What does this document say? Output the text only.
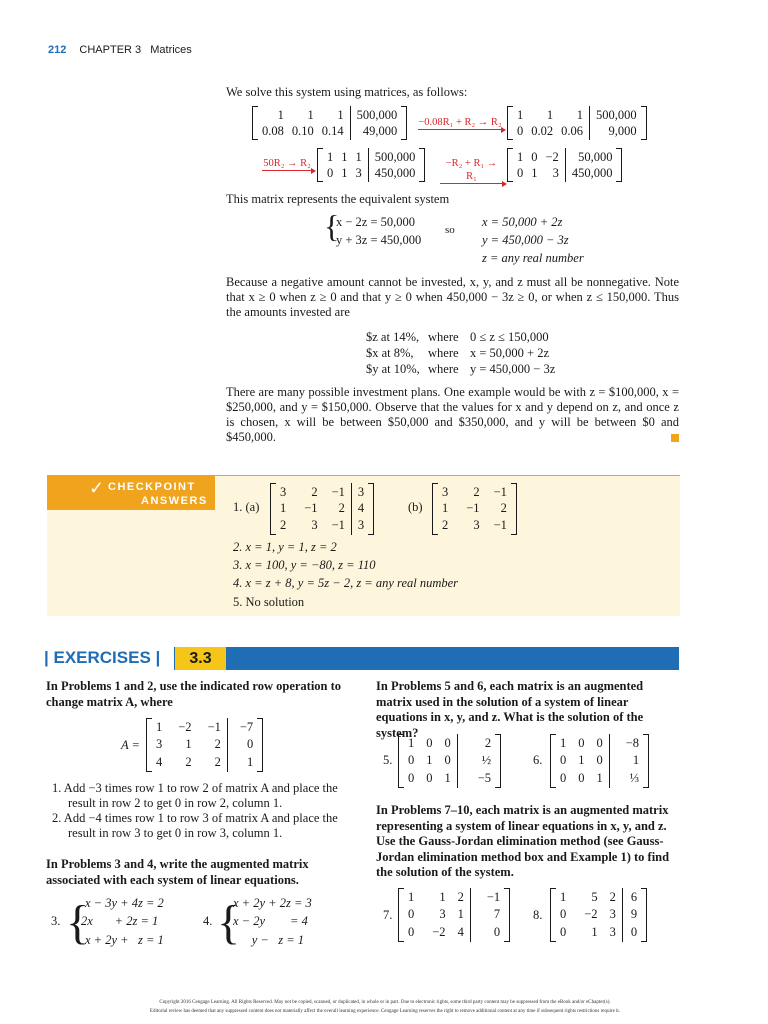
212 CHAPTER 3 Matrices
We solve this system using matrices, as follows:
1
0.08
1
0.10
1
0.14
500,000
49,000
−0.08R₁ + R₂ → R₂
1
0
1
0.02
1
0.06
500,000
9,000
50R₂ → R₂ 1
0
1
1
1
3
500,000
450,000
−R₂ + R₁ → R₁
1
0
0
1
−2
3
50,000
450,000
This matrix represents the equivalent system
{
x − 2z = 50,000
y + 3z = 450,000
so
x = 50,000 + 2z
y = 450,000 − 3z
z = any real number

Because a negative amount cannot be invested, x, y, and z must all be nonnegative. Note that x ≥ 0 when z ≥ 0 and that y ≥ 0 when 450,000 − 3z ≥ 0, or when z ≤ 150,000. Thus the amounts invested are

$z at 14%, where 0 ≤ z ≤ 150,000
$x at 8%, where x = 50,000 + 2z
$y at 10%, where y = 450,000 − 3z

There are many possible investment plans. One example would be with z = $100,000, x = $250,000, and y = $150,000. Observe that the values for x and y depend on z, and once z is chosen, x will be between $50,000 and $350,000, and y will be between $0 and $450,000.

✓ CHECKPOINT
ANSWERS 1. (a)
3
1
2
2
−1
3
−1
2
−1
3
4
3
(b)
3
1
2
2
−1
3
−1
2
−1
2. x = 1, y = 1, z = 2
3. x = 100, y = −80, z = 110
4. x = z + 8, y = 5z − 2, z = any real number
5. No solution
| EXERCISES |	3.3

In Problems 1 and 2, use the indicated row operation to change matrix A, where

A =
1
3
4
−2
1
2
−1
2
2
−7
0
1

1. Add −3 times row 1 to row 2 of matrix A and place the result in row 2 to get 0 in row 2, column 1.

2. Add −4 times row 1 to row 3 of matrix A and place the result in row 3 to get 0 in row 3, column 1.

In Problems 3 and 4, write the augmented matrix associated with each system of linear equations.

3. {
x − 3y + 4z = 2
2x       + 2z = 1
x + 2y +   z = 1
4. {
x + 2y + 2z = 3
x − 2y        = 4
y −   z = 1

In Problems 5 and 6, each matrix is an augmented matrix used in the solution of a system of linear equations in x, y, and z. What is the solution of the system?

5.
1
0
0
0
1
0
0
0
1
2
½
−5
6.
1
0
0
0
1
0
0
0
1
−8
1
⅓

In Problems 7–10, each matrix is an augmented matrix representing a system of linear equations in x, y, and z. Use the Gauss-Jordan elimination method (see Gauss-Jordan elimination method box and Example 1) to find the solution of the system.

7.
1
0
0
1
3
−2
2
1
4
−1
7
0
8.
1
0
0
5
−2
1
2
3
3
6
9
0
Copyright 2016 Cengage Learning. All Rights Reserved. May not be copied, scanned, or duplicated, in whole or in part. Due to electronic rights, some third party content may be suppressed from the eBook and/or eChapter(s).
Editorial review has deemed that any suppressed content does not materially affect the overall learning experience. Cengage Learning reserves the right to remove additional content at any time if subsequent rights restrictions require it.
